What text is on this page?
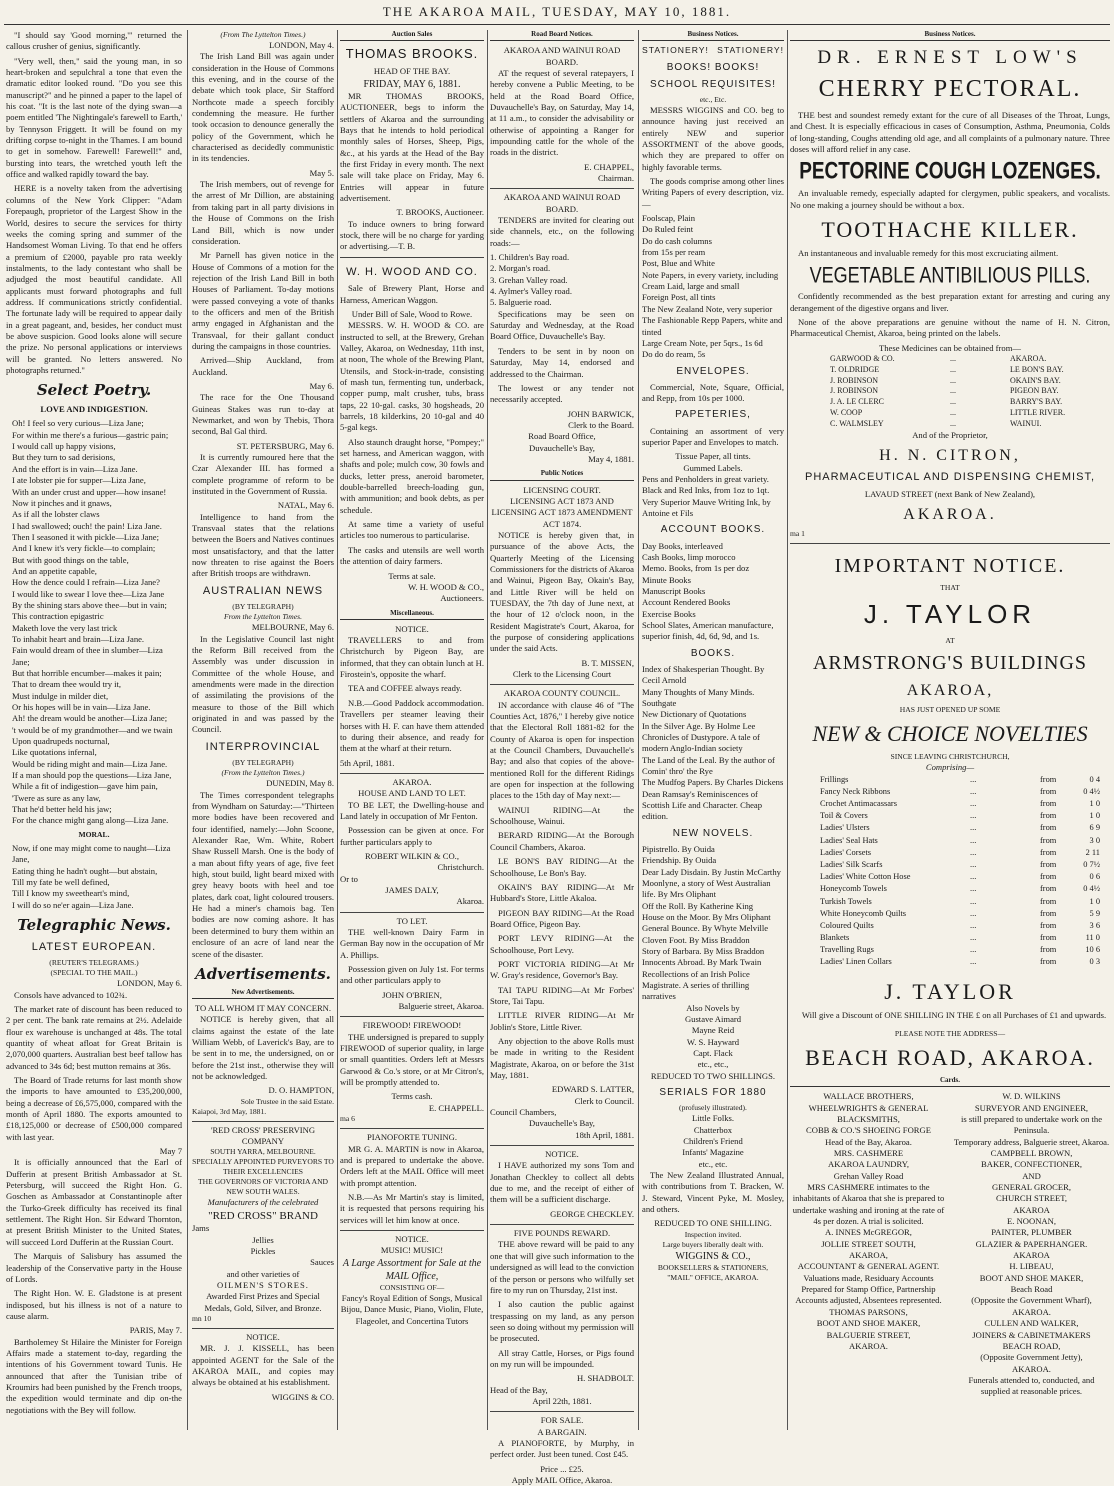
THE AKAROA MAIL, TUESDAY, MAY 10, 1881.
"I should say 'Good morning,'" returned the callous crusher of genius, significantly.
"Very well, then," said the young man, in so heart-broken and sepulchral a tone that even the dramatic editor looked round. "Do you see this manuscript?" and he pinned a paper to the lapel of his coat. "It is the last note of the dying swan—a poem entitled 'The Nightingale's farewell to Earth,' by Tennyson Friggett. It will be found on my drifting corpse to-night in the Thames. I am bound to get in somehow. Farewell! Farewell!" and, bursting into tears, the wretched youth left the office and walked rapidly toward the bay.
HERE is a novelty taken from the advertising columns of the New York Clipper: "Adam Forepaugh, proprietor of the Largest Show in the World, desires to secure the services for thirty weeks the coming spring and summer of the Handsomest Woman Living. To that end he offers a premium of £2000, payable pro rata weekly instalments, to the lady contestant who shall be adjudged the most beautiful candidate. All applicants must forward photographs and full address. If communications strictly confidential. The fortunate lady will be required to appear daily in a great pageant, and, besides, her conduct must be above suspicion. Good looks alone will secure the prize. No personal applications or interviews will be granted. No letters answered. No photographs returned."
Select Poetry.
LOVE AND INDIGESTION.
Oh! I feel so very curious—Liza Jane;
For within me there's a furious—gastric pain;
I would call up happy visions,
But they turn to sad derisions,
And the effort is in vain—Liza Jane.
I ate lobster pie for supper—Liza Jane,
With an under crust and upper—how insane!
Now it pinches and it gnaws,
As if all the lobster claws
I had swallowed; ouch! the pain! Liza Jane.
Then I seasoned it with pickle—Liza Jane;
And I knew it's very fickle—to complain;
But with good things on the table,
And an appetite capable,
How the dence could I refrain—Liza Jane?
I would like to swear I love thee—Liza Jane
By the shining stars above thee—but in vain;
This contraction epigastric
Maketh love the very last trick
To inhabit heart and brain—Liza Jane.
Fain would dream of thee in slumber—Liza Jane;
But that horrible encumber—makes it pain;
That to dream thee would try it,
Must indulge in milder diet,
Or his hopes will be in vain—Liza Jane.
Ah! the dream would be another—Liza Jane;
't would be of my grandmother—and we twain
Upon quadrupeds nocturnal,
Like quotations infernal,
Would be riding might and main—Liza Jane.
If a man should pop the questions—Liza Jane,
While a fit of indigestion—gave him pain,
'Twere as sure as any law,
That he'd better held his jaw;
For the chance might gang along—Liza Jane.
MORAL.
Now, if one may might come to naught—Liza Jane,
Eating thing he hadn't ought—but abstain,
Till my fate be well defined,
Till I know my sweetheart's mind,
I will do so ne'er again—Liza Jane.
Telegraphic News.
LATEST EUROPEAN.
(REUTER'S TELEGRAMS.)
(SPECIAL TO THE MAIL.)
LONDON, May 6.
Consols have advanced to 102¾.
The market rate of discount has been reduced to 2 per cent. The bank rate remains at 2½. Adelaide flour ex warehouse is unchanged at 48s. The total quantity of wheat afloat for Great Britain is 2,070,000 quarters. Australian best beef tallow has advanced to 34s 6d; best mutton remains at 36s.
The Board of Trade returns for last month show the imports to have amounted to £35,200,000, being a decrease of £6,575,000, compared with the month of April 1880. The exports amounted to £18,125,000 or decrease of £500,000 compared with last year.
May 7
It is officially announced that the Earl of Dufferin at present British Ambassador at St. Petersburg, will succeed the Right Hon. G. Goschen as Ambassador at Constantinople after the Turko-Greek difficulty has received its final settlement. The Right Hon. Sir Edward Thornton, at present British Minister to the United States, will succeed Lord Dufferin at the Russian Court.
The Marquis of Salisbury has assumed the leadership of the Conservative party in the House of Lords.
The Right Hon. W. E. Gladstone is at present indisposed, but his illness is not of a nature to cause alarm.
PARIS, May 7.
Bartholemey St Hilaire the Minister for Foreign Affairs made a statement to-day, regarding the intentions of his Government toward Tunis. He announced that after the Tunisian tribe of Kroumirs had been punished by the French troops, the expedition would terminate and dip on-the negotiations with the Bey will follow.
(From The Lyttelton Times.)
LONDON, May 4.
The Irish Land Bill was again under consideration in the House of Commons this evening, and in the course of the debate which took place, Sir Stafford Northcote made a speech forcibly condemning the measure. He further took occasion to denounce generally the policy of the Government, which he characterised as decidedly communistic in its tendencies.
May 5.
The Irish members, out of revenge for the arrest of Mr Dillion, are abstaining from taking part in all party divisions in the House of Commons on the Irish Land Bill, which is now under consideration.
Mr Parnell has given notice in the House of Commons of a motion for the rejection of the Irish Land Bill in both Houses of Parliament. To-day motions were passed conveying a vote of thanks to the officers and men of the British army engaged in Afghanistan and the Transvaal, for their gallant conduct during the campaigns in those countries.
Arrived—Ship Auckland, from Auckland.
May 6.
The race for the One Thousand Guineas Stakes was run to-day at Newmarket, and won by Thebis, Thora second, Bal Gal third.
ST. PETERSBURG, May 6.
It is currently rumoured here that the Czar Alexander III. has formed a complete programme of reform to be instituted in the Government of Russia.
NATAL, May 6.
Intelligence to hand from the Transvaal states that the relations between the Boers and Natives continues most unsatisfactory, and that the latter now threaten to rise against the Boers after British troops are withdrawn.
AUSTRALIAN NEWS
(BY TELEGRAPH)
From the Lyttelton Times.
MELBOURNE, May 6.
In the Legislative Council last night the Reform Bill received from the Assembly was under discussion in Committee of the whole House, and amendments were made in the direction of assimilating the provisions of the measure to those of the Bill which originated in and was passed by the Council.
INTERPROVINCIAL
(BY TELEGRAPH)
(From the Lyttelton Times.)
DUNEDIN, May 8.
The Times correspondent telegraphs from Wyndham on Saturday:—"Thirteen more bodies have been recovered and four identified, namely:—John Scoone, Alexander Rae, Wm. White, Robert Shaw Russell Marsh. One is the body of a man about fifty years of age, five feet high, stout build, light beard mixed with grey heavy boots with heel and toe plates, dark coat, light coloured trousers. He had a miner's chamois bag. Ten bodies are now coming ashore. It has been determined to bury them within an enclosure of an acre of land near the scene of the disaster.
Advertisements.
New Advertisements.
TO ALL WHOM IT MAY CONCERN.

NOTICE is hereby given, that all claims against the estate of the late William Webb, of Laverick's Bay, are to be sent in to me, the undersigned, on or before the 21st inst., otherwise they will not be acknowledged.

D. O. HAMPTON,
Sole Trustee in the said Estate.
Kaiapoi, 3rd May, 1881.
'RED CROSS' PRESERVING COMPANY
SOUTH YARRA, MELBOURNE.
SPECIALLY APPOINTED PURVEYORS TO THEIR EXCELLENCIES
THE GOVERNORS OF VICTORIA AND NEW SOUTH WALES.
Manufacturers of the celebrated
"RED CROSS" BRAND
Jams
Jellies
Pickles
Sauces
and other varieties of
OILMEN'S STORES.
Awarded First Prizes and Special Medals, Gold, Silver, and Bronze.
mn 10
NOTICE.

MR. J. J. KISSELL, has been appointed AGENT for the Sale of the AKAROA MAIL, and copies may always be obtained at his establishment.

WIGGINS & CO.
Auction Sales
THOMAS BROOKS.
HEAD OF THE BAY.
FRIDAY, MAY 6, 1881.

MR THOMAS BROOKS, AUCTIONEER, begs to inform the settlers of Akaroa and the surrounding Bays that he intends to hold periodical monthly sales of Horses, Sheep, Pigs, &c., at his yards at the Head of the Bay the first Friday in every month. The next sale will take place on Friday, May 6. Entries will appear in future advertisement.

T. BROOKS, Auctioneer.

To induce owners to bring forward stock, there will be no charge for yarding or advertising.—T. B.

W. H. WOOD AND CO.

Sale of Brewery Plant, Horse and Harness, American Waggon.

Under Bill of Sale, Wood to Rowe.

MESSRS. W. H. WOOD & CO. are instructed to sell, at the Brewery, Grehan Valley, Akaroa, on Wednesday, 11th inst, at noon, The whole of the Brewing Plant, Utensils, and Stock-in-trade, consisting of mash tun, fermenting tun, underback, copper pump, malt crusher, tubs, brass taps, 22 10-gal. casks, 30 hogsheads, 20 barrels, 18 kilderkins, 20 10-gal and 40 5-gal kegs.

Also staunch draught horse, "Pompey;" set harness, and American waggon, with shafts and pole; mulch cow, 30 fowls and ducks, letter press, aneroid barometer, double-barrelled breech-loading gun, with ammunition; and book debts, as per schedule.

At same time a variety of useful articles too numerous to particularise.

The casks and utensils are well worth the attention of dairy farmers.

Terms at sale.
W. H. WOOD & CO.,
Auctioneers.
Miscellaneous.
NOTICE.

TRAVELLERS to and from Christchurch by Pigeon Bay, are informed, that they can obtain lunch at H. Firostein's, opposite the wharf.

TEA and COFFEE always ready.

N.B.—Good Paddock accommodation. Travellers per steamer leaving their horses with H. F. can have them attended to during their absence, and ready for them at the wharf at their return.

5th April, 1881.
AKAROA.
HOUSE AND LAND TO LET.

TO BE LET, the Dwelling-house and Land lately in occupation of Mr Fenton.

Possession can be given at once. For further particulars apply to

ROBERT WILKIN & CO.,
Christchurch.
Or to
JAMES DALY,
Akaroa.
TO LET.

THE well-known Dairy Farm in German Bay now in the occupation of Mr A. Phillips.

Possession given on July 1st. For terms and other particulars apply to

JOHN O'BRIEN,
Balguerie street, Akaroa.
FIREWOOD! FIREWOOD!

THE undersigned is prepared to supply FIREWOOD of superior quality, in large or small quantities. Orders left at Messrs Garwood & Co.'s store, or at Mr Citron's, will be promptly attended to.

Terms cash.
E. CHAPPELL.
ma 6
PIANOFORTE TUNING.

MR G. A. MARTIN is now in Akaroa, and is prepared to undertake the above. Orders left at the MAIL Office will meet with prompt attention.

N.B.—As Mr Martin's stay is limited, it is requested that persons requiring his services will let him know at once.

NOTICE.
MUSIC! MUSIC!
A Large Assortment for Sale at the MAIL Office,
CONSISTING OF—
Fancy's Royal Edition of Songs, Musical Bijou, Dance Music, Piano, Violin, Flute, Flageolet, and Concertina Tutors
Road Board Notices.
AKAROA AND WAINUI ROAD BOARD.

AT the request of several ratepayers, I hereby convene a Public Meeting, to be held at the Road Board Office, Duvauchelle's Bay, on Saturday, May 14, at 11 a.m., to consider the advisability or otherwise of appointing a Ranger for impounding cattle for the whole of the roads in the district.

E. CHAPPEL,
Chairman.
AKAROA AND WAINUI ROAD BOARD.

TENDERS are invited for clearing out side channels, etc., on the following roads:—

1. Children's Bay road.
2. Morgan's road.
3. Grehan Valley road.
4. Aylmer's Valley road.
5. Balguerie road.

Specifications may be seen on Saturday and Wednesday, at the Road Board Office, Duvauchelle's Bay.

Tenders to be sent in by noon on Saturday, May 14, endorsed and addressed to the Chairman.

The lowest or any tender not necessarily accepted.

JOHN BARWICK,
Clerk to the Board.
Road Board Office,
Duvauchelle's Bay,
May 4, 1881.
Public Notices
LICENSING COURT.
LICENSING ACT 1873 AND LICENSING ACT 1873 AMENDMENT ACT 1874.

NOTICE is hereby given that, in pursuance of the above Acts, the Quarterly Meeting of the Licensing Commissioners for the districts of Akaroa and Wainui, Pigeon Bay, Okain's Bay, and Little River will be held on TUESDAY, the 7th day of June next, at the hour of 12 o'clock noon, in the Resident Magistrate's Court, Akaroa, for the purpose of considering applications under the said Acts.

B. T. MISSEN,
Clerk to the Licensing Court
AKAROA COUNTY COUNCIL.

IN accordance with clause 46 of "The Counties Act, 1876," I hereby give notice that the Electoral Roll 1881-82 for the County of Akaroa is open for inspection at the Council Chambers, Duvauchelle's Bay; and also that copies of the above-mentioned Roll for the different Ridings are open for inspection at the following places to the 15th day of May next:—

WAINUI RIDING—At the Schoolhouse, Wainui.
BERARD RIDING—At the Borough Council Chambers, Akaroa.
LE BON'S BAY RIDING—At the Schoolhouse, Le Bon's Bay.
OKAIN'S BAY RIDING—At Mr Hubbard's Store, Little Akaloa.
PIGEON BAY RIDING—At the Road Board Office, Pigeon Bay.
PORT LEVY RIDING—At the Schoolhouse, Port Levy.
PORT VICTORIA RIDING—At Mr W. Gray's residence, Governor's Bay.
TAI TAPU RIDING—At Mr Forbes' Store, Tai Tapu.
LITTLE RIVER RIDING—At Mr Joblin's Store, Little River.

Any objection to the above Rolls must be made in writing to the Resident Magistrate, Akaroa, on or before the 31st May, 1881.

EDWARD S. LATTER,
Clerk to Council.
Council Chambers,
Duvauchelle's Bay,
18th April, 1881.
NOTICE.

I HAVE authorized my sons Tom and Jonathan Checkley to collect all debts due to me, and the receipt of either of them will be a sufficient discharge.

GEORGE CHECKLEY.
FIVE POUNDS REWARD.

THE above reward will be paid to any one that will give such information to the undersigned as will lead to the conviction of the person or persons who wilfully set fire to my run on Thursday, 21st inst.

I also caution the public against trespassing on my land, as any person seen so doing without my permission will be prosecuted.

All stray Cattle, Horses, or Pigs found on my run will be impounded.

H. SHADBOLT.
Head of the Bay,
April 22th, 1881.
FOR SALE.
A BARGAIN.

A PIANOFORTE, by Murphy, in perfect order. Just been tuned. Cost £45.

Price ... £25.
Apply MAIL Office, Akaroa.
Business Notices.
STATIONERY! STATIONERY!
BOOKS! BOOKS!
SCHOOL REQUISITES!
etc., Etc.

MESSRS WIGGINS and CO. beg to announce having just received an entirely NEW and superior ASSORTMENT of the above goods, which they are prepared to offer on highly favorable terms.

The goods comprise among other lines Writing Papers of every description, viz.—

Foolscap, Plain
Do Ruled feint
Do do cash columns
from 15s per ream
Post, Blue and White
Note Papers, in every variety, including Cream Laid, large and small
Foreign Post, all tints
The New Zealand Note, very superior
The Fashionable Repp Papers, white and tinted
Large Cream Note, per 5qrs., 1s 6d
Do do do ream, 5s
ENVELOPES.

Commercial, Note, Square, Official, and Repp, from 10s per 1000.

PAPETERIES,

Containing an assortment of very superior Paper and Envelopes to match.

Tissue Paper, all tints.
Gummed Labels.
Pens and Penholders in great variety.
Black and Red Inks, from 1oz to 1qt.
Very Superior Mauve Writing Ink, by Antoine et Fils
ACCOUNT BOOKS.
Day Books, interleaved
Cash Books, limp morocco
Memo. Books, from 1s per doz
Minute Books
Manuscript Books
Account Rendered Books
Exercise Books
School Slates, American manufacture, superior finish, 4d, 6d, 9d, and 1s.
BOOKS.
Index of Shakesperian Thought. By Cecil Arnold
Many Thoughts of Many Minds. Southgate
New Dictionary of Quotations
In the Silver Age. By Holme Lee
Chronicles of Dustypore. A tale of modern Anglo-Indian society
The Land of the Leal. By the author of Comin' thro' the Rye
The Mudfog Papers. By Charles Dickens
Dean Ramsay's Reminiscences of Scottish Life and Character. Cheap edition.
NEW NOVELS.
Pipistrello. By Ouida
Friendship. By Ouida
Dear Lady Disdain. By Justin McCarthy
Moonlyne, a story of West Australian life. By Mrs Oliphant
Off the Roll. By Katherine King
House on the Moor. By Mrs Oliphant
General Bounce. By Whyte Melville
Cloven Foot. By Miss Braddon
Story of Barbara. By Miss Braddon
Innocents Abroad. By Mark Twain
Recollections of an Irish Police Magistrate. A series of thrilling narratives
Also Novels by
Gustave Aimard
Mayne Reid
W. S. Hayward
Capt. Flack
etc., etc.,
REDUCED TO TWO SHILLINGS.
SERIALS FOR 1880
(profusely illustrated).
Little Folks.
Chatterbox
Children's Friend
Infants' Magazine
etc., etc.

The New Zealand Illustrated Annual, with contributions from T. Bracken, W. J. Steward, Vincent Pyke, M. Mosley, and others.

REDUCED TO ONE SHILLING.
Inspection invited.
Large buyers liberally dealt with.
WIGGINS & CO.,
BOOKSELLERS & STATIONERS,
"MAIL" OFFICE, AKAROA.
Business Notices.
DR. ERNEST LOW'S
CHERRY PECTORAL.

THE best and soundest remedy extant for the cure of all Diseases of the Throat, Lungs, and Chest. It is especially efficacious in cases of Consumption, Asthma, Pneumonia, Colds of long-standing, Coughs attending old age, and all complaints of a pulmonary nature. Three doses will afford relief in any case.

PECTORINE COUGH LOZENGES.

An invaluable remedy, especially adapted for clergymen, public speakers, and vocalists. No one making a journey should be without a box.

TOOTHACHE KILLER.

An instantaneous and invaluable remedy for this most excruciating ailment.

VEGETABLE ANTIBILIOUS PILLS.

Confidently recommended as the best preparation extant for arresting and curing any derangement of the digestive organs and liver.

None of the above preparations are genuine without the name of H. N. Citron, Pharmaceutical Chemist, Akaroa, being printed on the labels.

These Medicines can be obtained from—
GARWOOD & CO.	...	AKAROA.
T. OLDRIDGE	...	LE BON'S BAY.
J. ROBINSON	...	OKAIN'S BAY.
J. ROBINSON	...	PIGEON BAY.
J. A. LE CLERC	...	BARRY'S BAY.
W. COOP	...	LITTLE RIVER.
C. WALMSLEY	...	WAINUI.
And of the Proprietor,
H. N. CITRON,
PHARMACEUTICAL AND DISPENSING CHEMIST,
LAVAUD STREET (next Bank of New Zealand),
AKAROA.
ma 1
IMPORTANT NOTICE.
THAT
J. TAYLOR
AT
ARMSTRONG'S BUILDINGS
AKAROA,
HAS JUST OPENED UP SOME
NEW & CHOICE NOVELTIES
SINCE LEAVING CHRISTCHURCH,
Comprising—
Frillings	...	from	0 4
Fancy Neck Ribbons	...	from	0 4½
Crochet Antimacassars	...	from	1 0
Toil & Covers	...	from	1 0
Ladies' Ulsters	...	from	6 9
Ladies' Seal Hats	...	from	3 0
Ladies' Corsets	...	from	2 11
Ladies' Silk Scarfs	...	from	0 7½
Ladies' White Cotton Hose	...	from	0 6
Honeycomb Towels	...	from	0 4½
Turkish Towels	...	from	1 0
White Honeycomb Quilts	...	from	5 9
Coloured Quilts	...	from	3 6
Blankets	...	from	11 0
Travelling Rugs	...	from	10 6
Ladies' Linen Collars	...	from	0 3
J. TAYLOR

Will give a Discount of ONE SHILLING IN THE £ on all Purchases of £1 and upwards.

PLEASE NOTE THE ADDRESS—
BEACH ROAD, AKAROA.
Cards.
WALLACE BROTHERS,
WHEELWRIGHTS & GENERAL BLACKSMITHS,
COBB & CO.'S SHOEING FORGE
Head of the Bay, Akaroa.
MRS. CASHMERE
AKAROA LAUNDRY,
Grehan Valley Road
MRS CASHMERE intimates to the inhabitants of Akaroa that she is prepared to undertake washing and ironing at the rate of 4s per dozen. A trial is solicited.
A. INNES McGREGOR,
JOLLIE STREET SOUTH,
AKAROA,
ACCOUNTANT & GENERAL AGENT.
Valuations made, Residuary Accounts Prepared for Stamp Office, Partnership Accounts adjusted, Absentees represented.
THOMAS PARSONS,
BOOT AND SHOE MAKER,
BALGUERIE STREET,
AKAROA.
W. D. WILKINS
SURVEYOR AND ENGINEER,
is still prepared to undertake work on the Peninsula.
Temporary address, Balguerie street, Akaroa.
CAMPBELL BROWN,
BAKER, CONFECTIONER,
AND
GENERAL GROCER,
CHURCH STREET,
AKAROA
E. NOONAN,
PAINTER, PLUMBER
GLAZIER & PAPERHANGER.
AKAROA
H. LIBEAU,
BOOT AND SHOE MAKER,
Beach Road
(Opposite the Government Wharf),
AKAROA.
CULLEN AND WALKER,
JOINERS & CABINETMAKERS
BEACH ROAD,
(Opposite Government Jetty),
AKAROA.
Funerals attended to, conducted, and supplied at reasonable prices.
